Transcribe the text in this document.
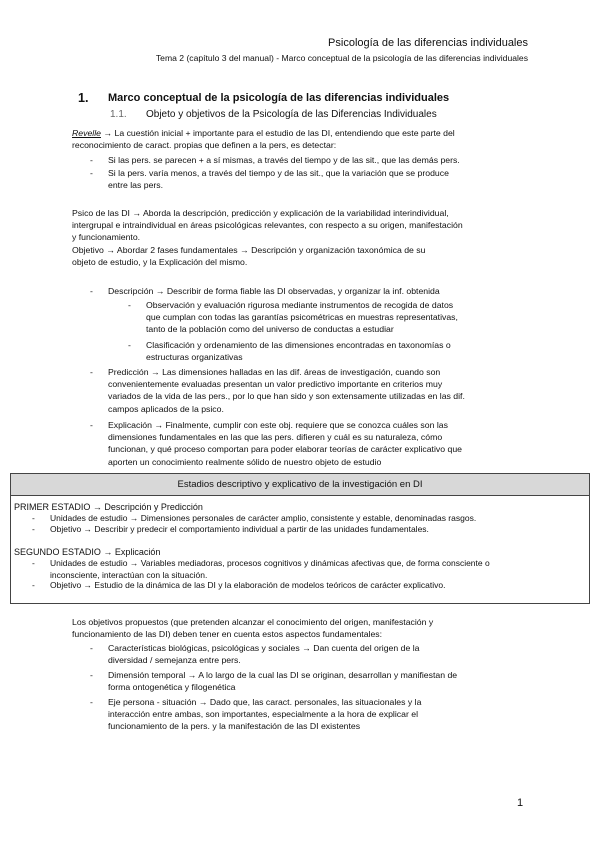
Psicología de las diferencias individuales
Tema 2 (capítulo 3 del manual) - Marco conceptual de la psicología de las diferencias individuales
1. Marco conceptual de la psicología de las diferencias individuales
1.1. Objeto y objetivos de la Psicología de las Diferencias Individuales
Revelle → La cuestión inicial + importante para el estudio de las DI, entendiendo que este parte del
reconocimiento de caract. propias que definen a la pers, es detectar:
- Si las pers. se parecen + a sí mismas, a través del tiempo y de las sit., que las demás pers.
- Si la pers. varía menos, a través del tiempo y de las sit., que la variación que se produce
entre las pers.
Psico de las DI → Aborda la descripción, predicción y explicación de la variabilidad interindividual,
intergrupal e intraindividual en áreas psicológicas relevantes, con respecto a su origen, manifestación
y funcionamiento.
Objetivo → Abordar 2 fases fundamentales → Descripción y organización taxonómica de su
objeto de estudio, y la Explicación del mismo.
- Descripción → Describir de forma fiable las DI observadas, y organizar la inf. obtenida
- Observación y evaluación rigurosa mediante instrumentos de recogida de datos
que cumplan con todas las garantías psicométricas en muestras representativas,
tanto de la población como del universo de conductas a estudiar
- Clasificación y ordenamiento de las dimensiones encontradas en taxonomías o
estructuras organizativas
- Predicción → Las dimensiones halladas en las dif. áreas de investigación, cuando son
convenientemente evaluadas presentan un valor predictivo importante en criterios muy
variados de la vida de las pers., por lo que han sido y son extensamente utilizadas en las dif.
campos aplicados de la psico.
- Explicación → Finalmente, cumplir con este obj. requiere que se conozca cuáles son las
dimensiones fundamentales en las que las pers. difieren y cuál es su naturaleza, cómo
funcionan, y qué proceso comportan para poder elaborar teorías de carácter explicativo que
aporten un conocimiento realmente sólido de nuestro objeto de estudio
Estadios descriptivo y explicativo de la investigación en DI
PRIMER ESTADIO → Descripción y Predicción
- Unidades de estudio → Dimensiones personales de carácter amplio, consistente y estable, denominadas rasgos.
- Objetivo → Describir y predecir el comportamiento individual a partir de las unidades fundamentales.
SEGUNDO ESTADIO → Explicación
- Unidades de estudio → Variables mediadoras, procesos cognitivos y dinámicas afectivas que, de forma consciente o
inconsciente, interactúan con la situación.
- Objetivo → Estudio de la dinámica de las DI y la elaboración de modelos teóricos de carácter explicativo.
Los objetivos propuestos (que pretenden alcanzar el conocimiento del origen, manifestación y
funcionamiento de las DI) deben tener en cuenta estos aspectos fundamentales:
- Características biológicas, psicológicas y sociales → Dan cuenta del origen de la
diversidad / semejanza entre pers.
- Dimensión temporal → A lo largo de la cual las DI se originan, desarrollan y manifiestan de
forma ontogenética y filogenética
- Eje persona - situación → Dado que, las caract. personales, las situacionales y la
interacción entre ambas, son importantes, especialmente a la hora de explicar el
funcionamiento de la pers. y la manifestación de las DI existentes
1
